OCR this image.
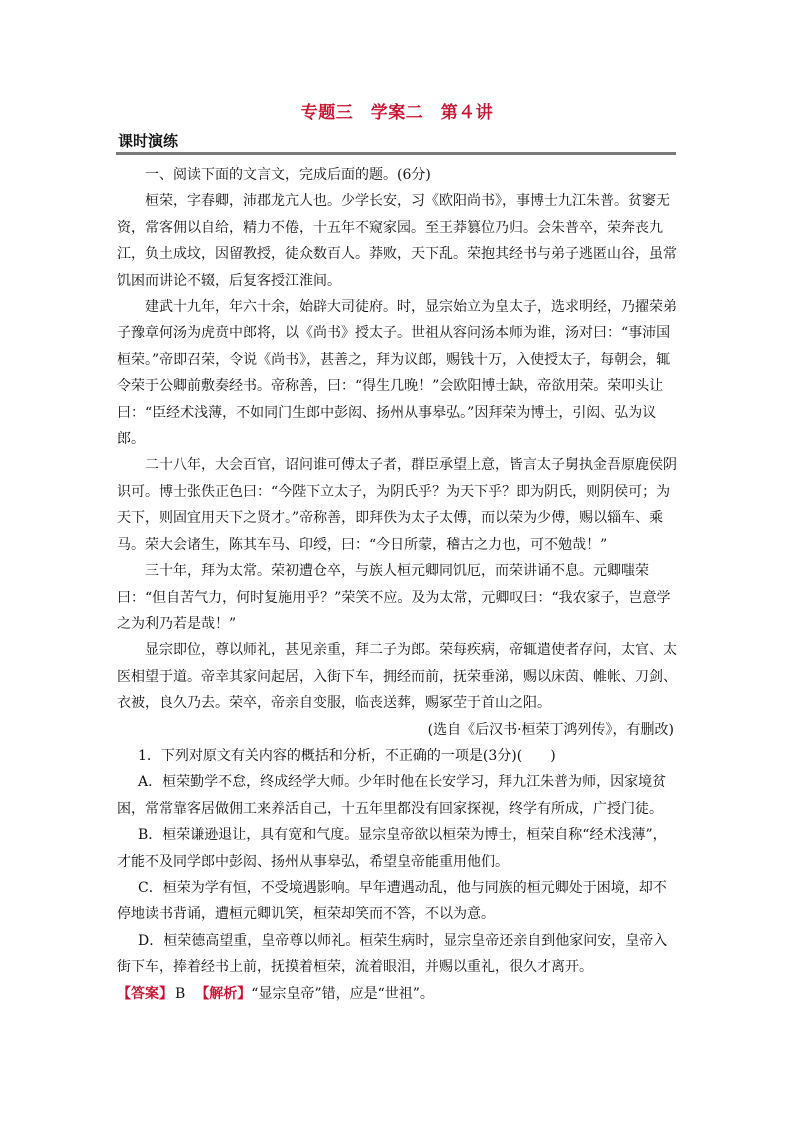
专题三　学案二　第４讲
课时演练

一、阅读下面的文言文，完成后面的题。(6分)

桓荣，字春卿，沛郡龙亢人也。少学长安，习《欧阳尚书》，事博士九江朱普。贫窭无资，常客佣以自给，精力不倦，十五年不窥家园。至王莽篡位乃归。会朱普卒，荣奔丧九江，负土成坟，因留教授，徒众数百人。莽败，天下乱。荣抱其经书与弟子逃匿山谷，虽常饥困而讲论不辍，后复客授江淮间。

建武十九年，年六十余，始辟大司徒府。时，显宗始立为皇太子，选求明经，乃擢荣弟子豫章何汤为虎贲中郎将，以《尚书》授太子。世祖从容问汤本师为谁，汤对曰：“事沛国桓荣。”帝即召荣，令说《尚书》，甚善之，拜为议郎，赐钱十万，入使授太子，每朝会，辄令荣于公卿前敷奏经书。帝称善，曰：“得生几晚！”会欧阳博士缺，帝欲用荣。荣叩头让曰：“臣经术浅薄，不如同门生郎中彭闳、扬州从事皋弘。”因拜荣为博士，引闳、弘为议郎。

二十八年，大会百官，诏问谁可傅太子者，群臣承望上意，皆言太子舅执金吾原鹿侯阴识可。博士张佚正色曰：“今陛下立太子，为阴氏乎？为天下乎？即为阴氏，则阴侯可；为天下，则固宜用天下之贤才。”帝称善，即拜佚为太子太傅，而以荣为少傅，赐以辎车、乘马。荣大会诸生，陈其车马、印绶，曰：“今日所蒙，稽古之力也，可不勉哉！”

三十年，拜为太常。荣初遭仓卒，与族人桓元卿同饥厄，而荣讲诵不息。元卿嗤荣曰：“但自苦气力，何时复施用乎？”荣笑不应。及为太常，元卿叹曰：“我农家子，岂意学之为利乃若是哉！”

显宗即位，尊以师礼，甚见亲重，拜二子为郎。荣每疾病，帝辄遣使者存问，太官、太医相望于道。帝幸其家问起居，入街下车，拥经而前，抚荣垂涕，赐以床茵、帷帐、刀剑、衣被，良久乃去。荣卒，帝亲自变服，临丧送葬，赐冢茔于首山之阳。

(选自《后汉书·桓荣丁鸿列传》，有删改)

1．下列对原文有关内容的概括和分析，不正确的一项是(3分)(　　)

A．桓荣勤学不怠，终成经学大师。少年时他在长安学习，拜九江朱普为师，因家境贫困，常常靠客居做佣工来养活自己，十五年里都没有回家探视，终学有所成，广授门徒。

B．桓荣谦逊退让，具有宽和气度。显宗皇帝欲以桓荣为博士，桓荣自称“经术浅薄”，才能不及同学郎中彭闳、扬州从事皋弘，希望皇帝能重用他们。

C．桓荣为学有恒，不受境遇影响。早年遭遇动乱，他与同族的桓元卿处于困境，却不停地读书背诵，遭桓元卿讥笑，桓荣却笑而不答，不以为意。

D．桓荣德高望重，皇帝尊以师礼。桓荣生病时，显宗皇帝还亲自到他家问安，皇帝入街下车，捧着经书上前，抚摸着桓荣，流着眼泪，并赐以重礼，很久才离开。

【答案】 B 【解析】“显宗皇帝”错，应是“世祖”。
